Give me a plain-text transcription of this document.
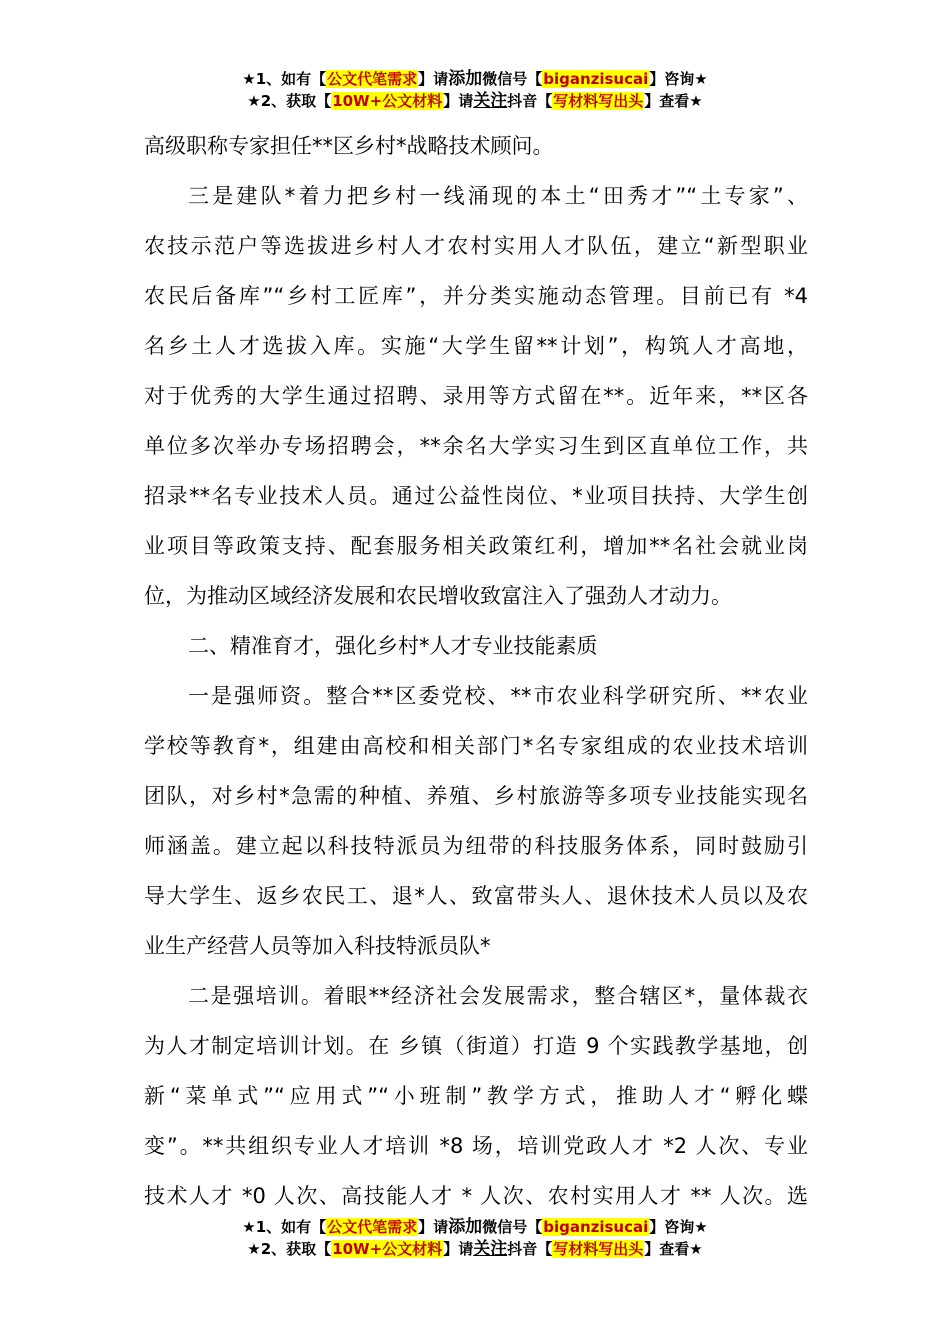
★1、如有【公文代笔需求】请添加微信号【biganzisucai】咨询★
★2、获取【10W+公文材料】请关注抖音【写材料写出头】查看★
高级职称专家担任**区乡村*战略技术顾问。
三是建队*着力把乡村一线涌现的本土“田秀才”“土专家”、
农技示范户等选拔进乡村人才农村实用人才队伍，建立“新型职业
农民后备库”“乡村工匠库”，并分类实施动态管理。目前已有 *4
名乡土人才选拔入库。实施“大学生留**计划”，构筑人才高地，
对于优秀的大学生通过招聘、录用等方式留在**。近年来，**区各
单位多次举办专场招聘会，**余名大学实习生到区直单位工作，共
招录**名专业技术人员。通过公益性岗位、*业项目扶持、大学生创
业项目等政策支持、配套服务相关政策红利，增加**名社会就业岗
位，为推动区域经济发展和农民增收致富注入了强劲人才动力。
二、精准育才，强化乡村*人才专业技能素质
一是强师资。整合**区委党校、**市农业科学研究所、**农业
学校等教育*，组建由高校和相关部门*名专家组成的农业技术培训
团队，对乡村*急需的种植、养殖、乡村旅游等多项专业技能实现名
师涵盖。建立起以科技特派员为纽带的科技服务体系，同时鼓励引
导大学生、返乡农民工、退*人、致富带头人、退休技术人员以及农
业生产经营人员等加入科技特派员队*
二是强培训。着眼**经济社会发展需求，整合辖区*，量体裁衣
为人才制定培训计划。在 乡镇（街道）打造 9 个实践教学基地，创
新“菜单式”“应用式”“小班制”教学方式，推助人才“孵化蝶
变”。**共组织专业人才培训 *8 场，培训党政人才 *2 人次、专业
技术人才 *0 人次、高技能人才 * 人次、农村实用人才 ** 人次。选
★1、如有【公文代笔需求】请添加微信号【biganzisucai】咨询★
★2、获取【10W+公文材料】请关注抖音【写材料写出头】查看★
